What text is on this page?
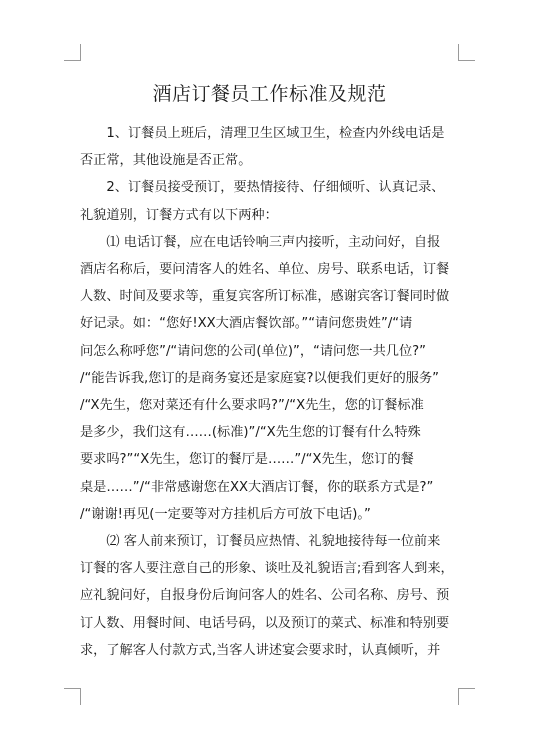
酒店订餐员工作标准及规范

1、订餐员上班后，清理卫生区域卫生，检查内外线电话是
否正常，其他设施是否正常。

2、订餐员接受预订，要热情接待、仔细倾听、认真记录、
礼貌道别，订餐方式有以下两种：

⑴ 电话订餐，应在电话铃响三声内接听，主动问好，自报
酒店名称后，要问清客人的姓名、单位、房号、联系电话，订餐
人数、时间及要求等，重复宾客所订标准，感谢宾客订餐同时做
好记录。如：“您好!XX大酒店餐饮部。”“请问您贵姓”/“请
问怎么称呼您”/“请问您的公司(单位)”，“请问您一共几位?”
/“能告诉我,您订的是商务宴还是家庭宴?以便我们更好的服务”
/“X先生，您对菜还有什么要求吗?”/“X先生，您的订餐标准
是多少，我们这有……(标准)”/“X先生您的订餐有什么特殊
要求吗?”“X先生，您订的餐厅是……”/“X先生，您订的餐
桌是……”/“非常感谢您在XX大酒店订餐，你的联系方式是?”
/“谢谢!再见(一定要等对方挂机后方可放下电话)。”

⑵ 客人前来预订，订餐员应热情、礼貌地接待每一位前来
订餐的客人要注意自己的形象、谈吐及礼貌语言;看到客人到来，
应礼貌问好，自报身份后询问客人的姓名、公司名称、房号、预
订人数、用餐时间、电话号码，以及预订的菜式、标准和特别要
求，了解客人付款方式,当客人讲述宴会要求时，认真倾听，并
